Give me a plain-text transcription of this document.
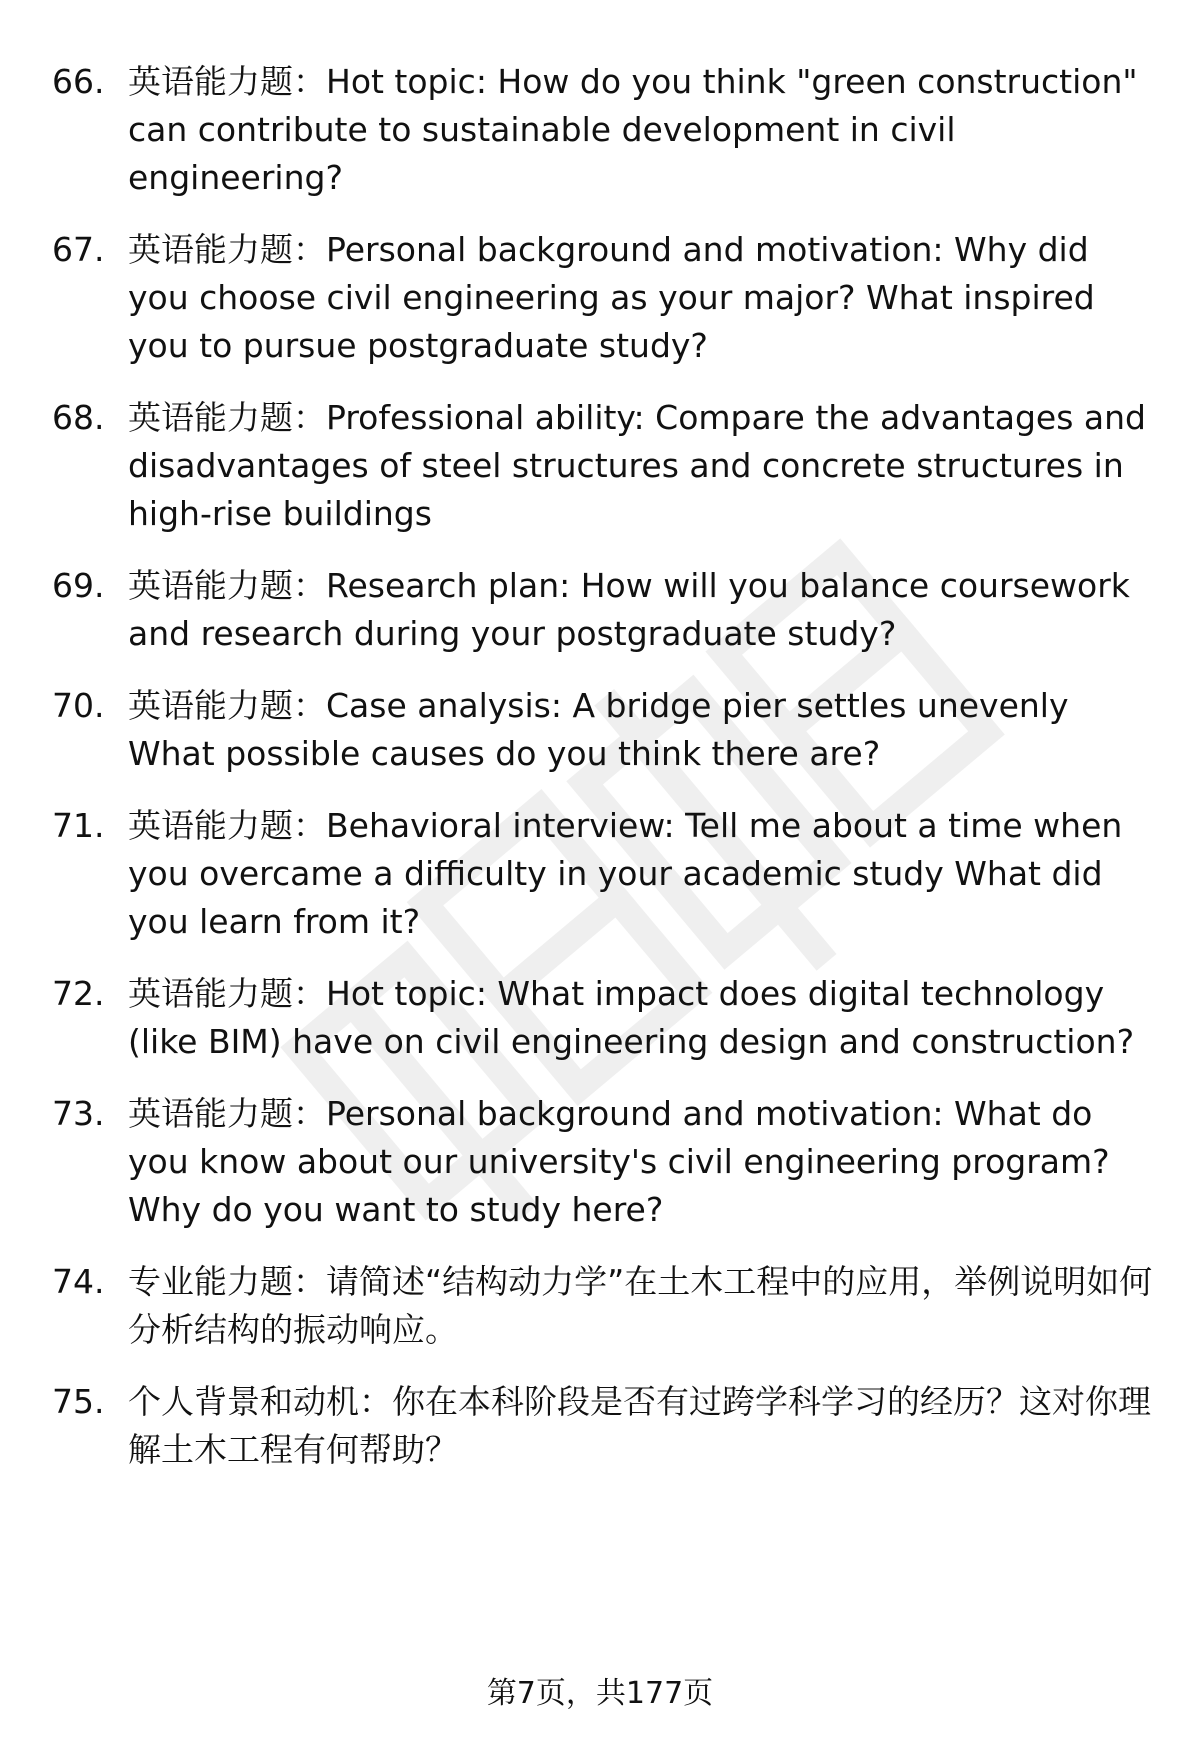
66. 英语能力题：Hot topic: How do you think "green construction" can contribute to sustainable development in civil engineering?
67. 英语能力题：Personal background and motivation: Why did you choose civil engineering as your major? What inspired you to pursue postgraduate study?
68. 英语能力题：Professional ability: Compare the advantages and disadvantages of steel structures and concrete structures in high-rise buildings
69. 英语能力题：Research plan: How will you balance coursework and research during your postgraduate study?
70. 英语能力题：Case analysis: A bridge pier settles unevenly What possible causes do you think there are?
71. 英语能力题：Behavioral interview: Tell me about a time when you overcame a difficulty in your academic study What did you learn from it?
72. 英语能力题：Hot topic: What impact does digital technology (like BIM) have on civil engineering design and construction?
73. 英语能力题：Personal background and motivation: What do you know about our university's civil engineering program? Why do you want to study here?
74. 专业能力题：请简述“结构动力学”在土木工程中的应用，举例说明如何分析结构的振动响应。
75. 个人背景和动机：你在本科阶段是否有过跨学科学习的经历？这对你理解土木工程有何帮助？
第7页，共177页
